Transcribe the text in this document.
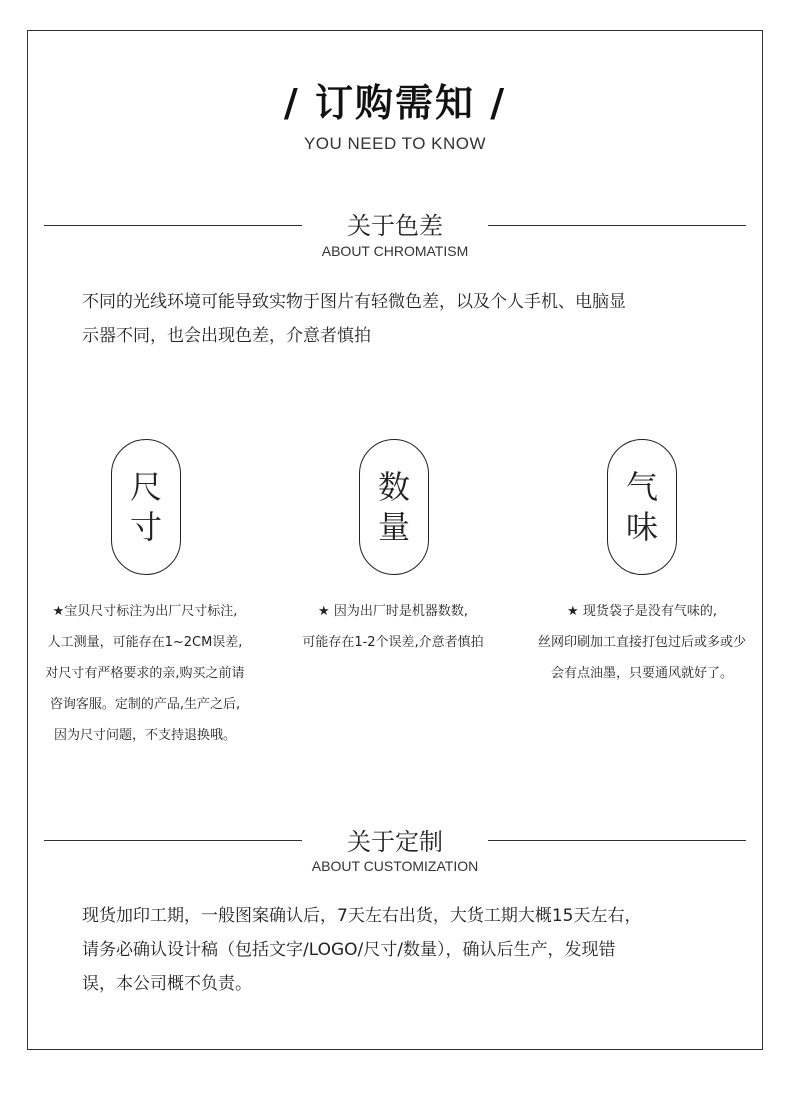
/ 订购需知 /
YOU NEED TO KNOW
关于色差
ABOUT CHROMATISM
不同的光线环境可能导致实物于图片有轻微色差，以及个人手机、电脑显
示器不同，也会出现色差，介意者慎拍
尺
寸
数
量
气
味
★宝贝尺寸标注为出厂尺寸标注,
人工测量，可能存在1~2CM误差,
对尺寸有严格要求的亲,购买之前请
咨询客服。定制的产品,生产之后,
因为尺寸问题，不支持退换哦。
★ 因为出厂时是机器数数,
可能存在1-2个误差,介意者慎拍
★ 现货袋子是没有气味的,
丝网印刷加工直接打包过后或多或少
会有点油墨，只要通风就好了。
关于定制
ABOUT CUSTOMIZATION
现货加印工期，一般图案确认后，7天左右出货，大货工期大概15天左右，
请务必确认设计稿（包括文字/LOGO/尺寸/数量），确认后生产，发现错
误，本公司概不负责。
